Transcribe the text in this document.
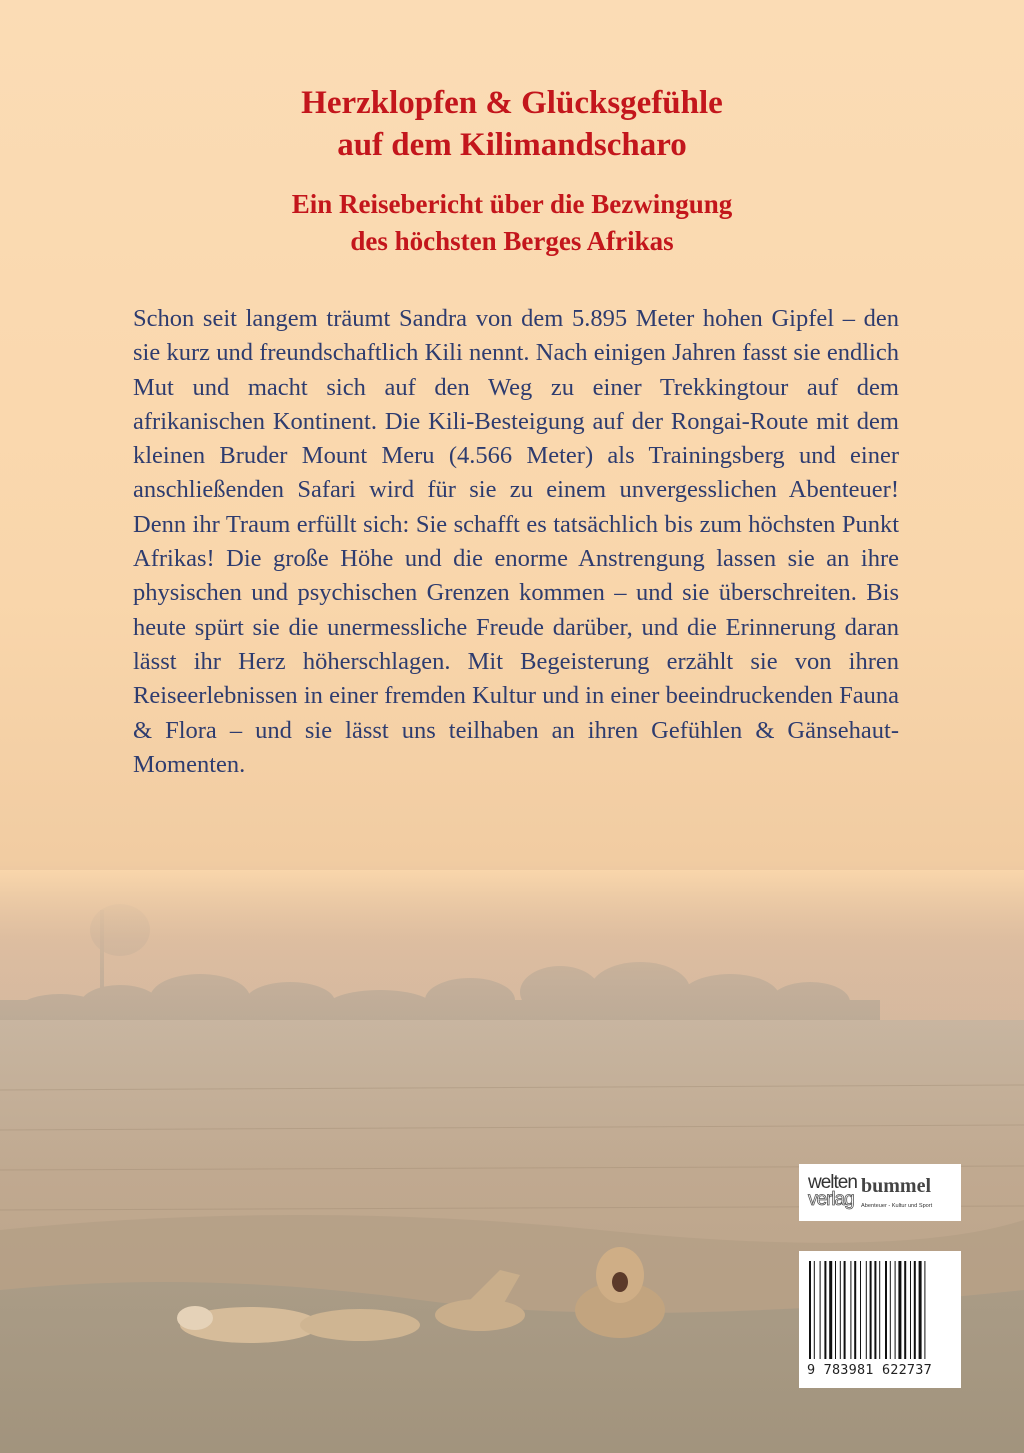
Herzklopfen & Glücksgefühle
auf dem Kilimandscharo
Ein Reisebericht über die Bezwingung
des höchsten Berges Afrikas

Schon seit langem träumt Sandra von dem 5.895 Meter hohen Gipfel – den sie kurz und freundschaftlich Kili nennt. Nach einigen Jahren fasst sie endlich Mut und macht sich auf den Weg zu einer Trekkingtour auf dem afrikanischen Kontinent. Die Kili-Besteigung auf der Rongai-Route mit dem kleinen Bruder Mount Meru (4.566 Meter) als Trainingsberg und einer anschließenden Safari wird für sie zu einem unvergesslichen Abenteuer! Denn ihr Traum erfüllt sich: Sie schafft es tatsächlich bis zum höchsten Punkt Afrikas! Die große Höhe und die enorme Anstrengung lassen sie an ihre physischen und psychischen Grenzen kommen – und sie überschreiten. Bis heute spürt sie die unermessliche Freude darüber, und die Erinnerung daran lässt ihr Herz höherschlagen. Mit Begeisterung erzählt sie von ihren Reiseerlebnissen in einer fremden Kultur und in einer beeindruckenden Fauna & Flora – und sie lässt uns teilhaben an ihren Gefühlen & Gänsehaut-Momenten.

welten
verlag
bummel
Abenteuer - Kultur und Sport
9 783981 622737
